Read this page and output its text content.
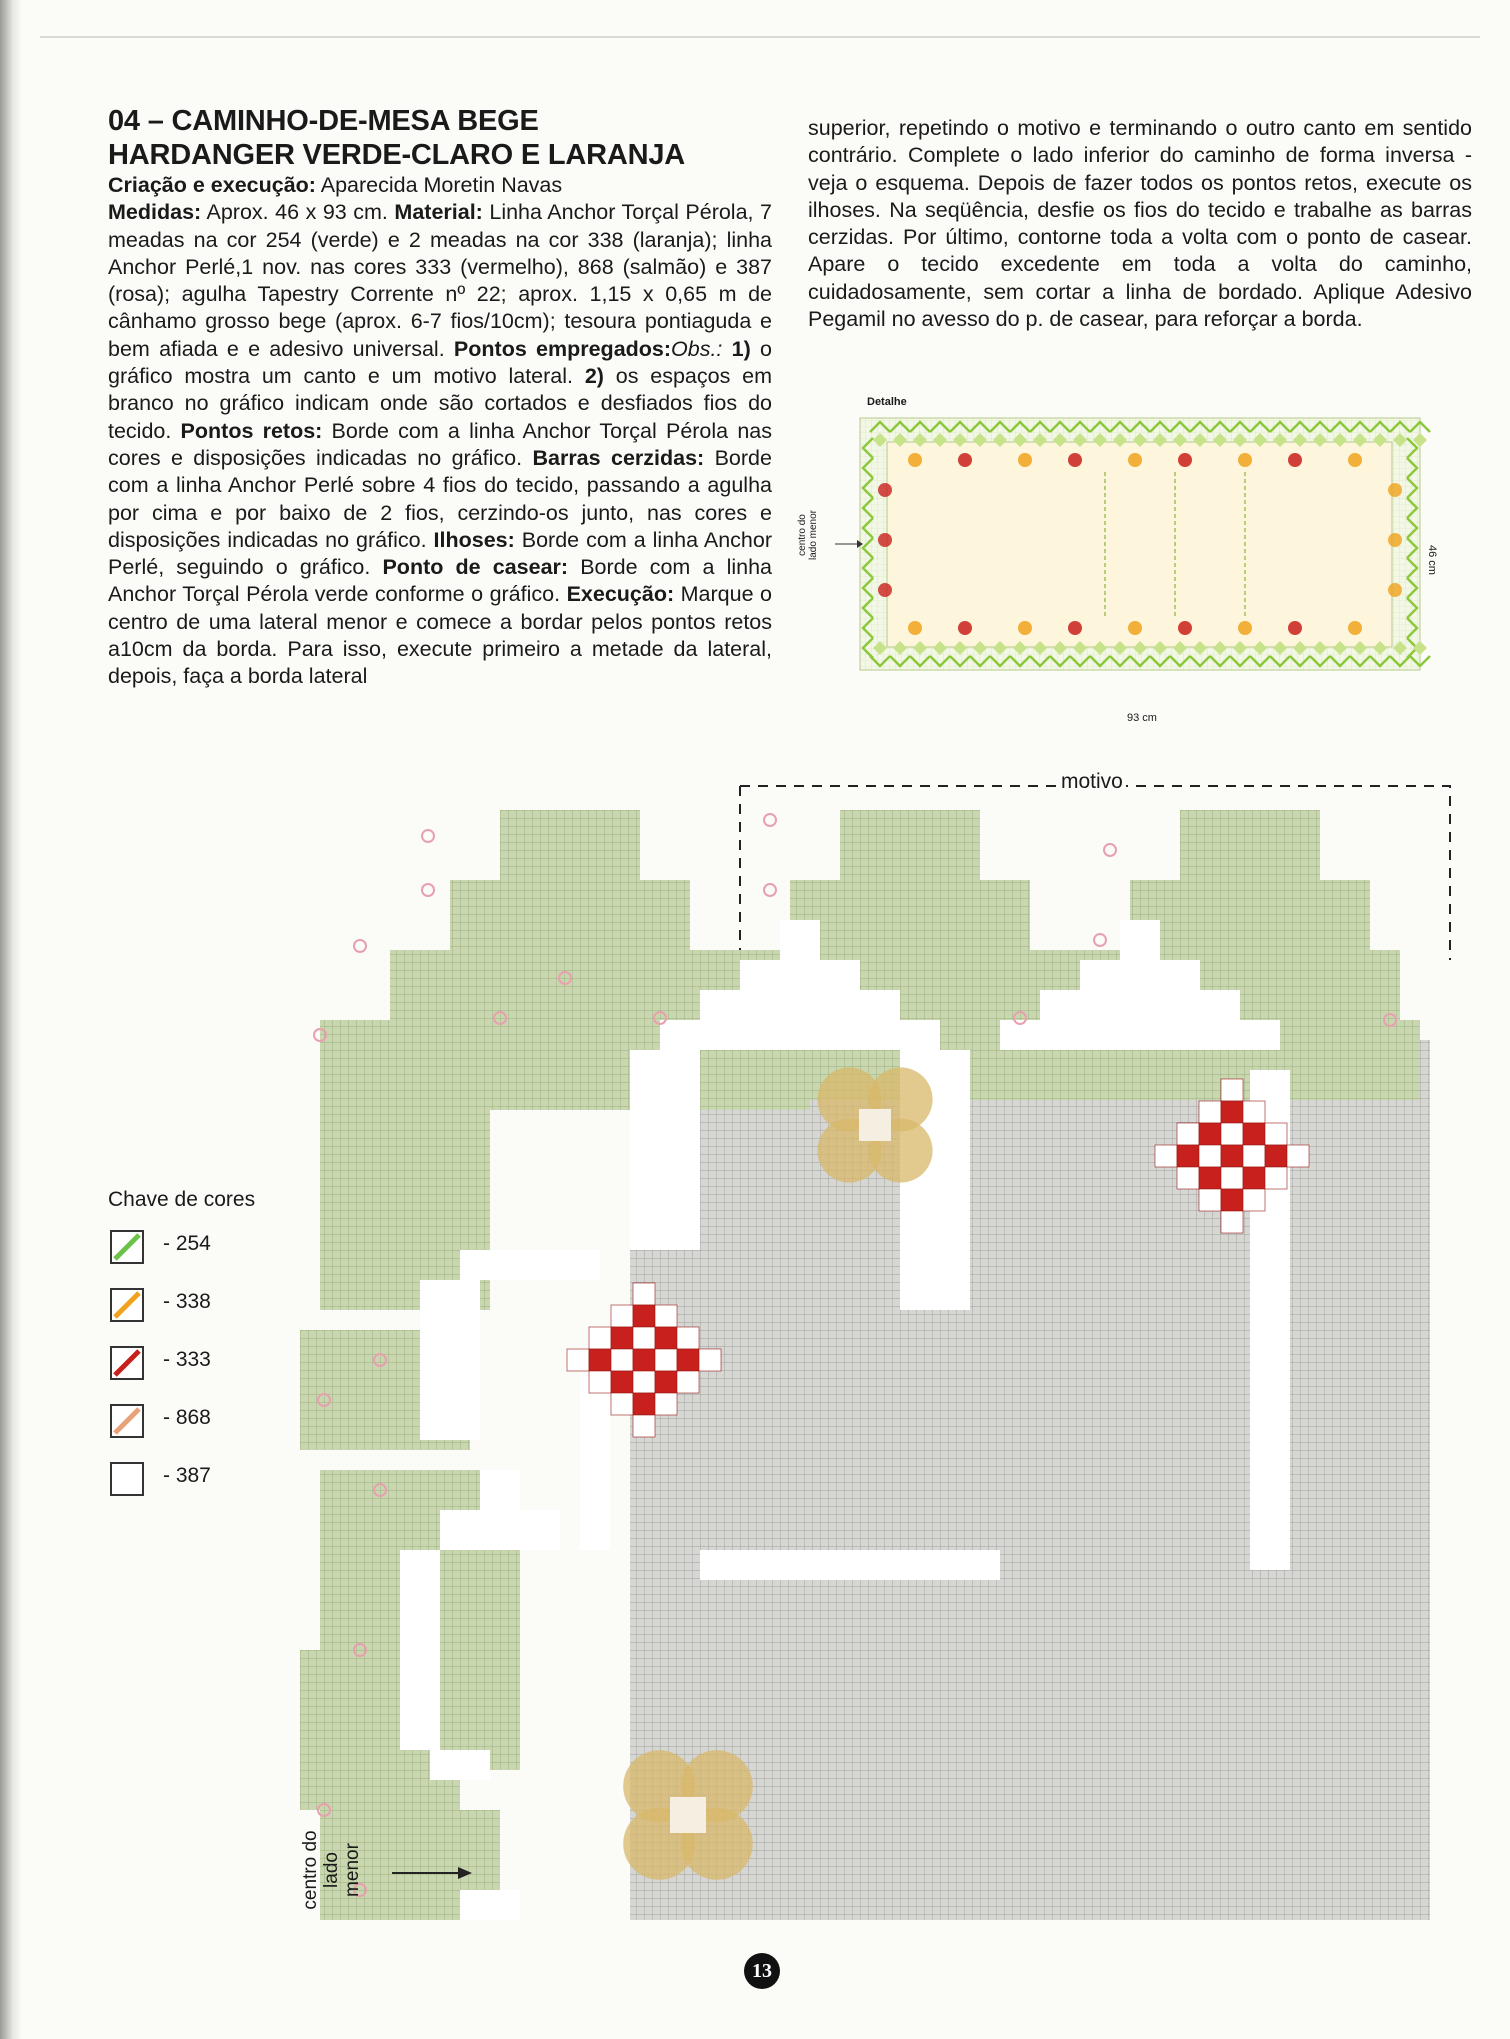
04 – CAMINHO-DE-MESA BEGE
HARDANGER VERDE-CLARO E LARANJA

Criação e execução: Aparecida Moretin Navas

Medidas: Aprox. 46 x 93 cm. Material: Linha Anchor Torçal Pérola, 7 meadas na cor 254 (verde) e 2 meadas na cor 338 (laranja); linha Anchor Perlé,1 nov. nas cores 333 (vermelho), 868 (salmão) e 387 (rosa); agulha Tapestry Corrente nº 22; aprox. 1,15 x 0,65 m de cânhamo grosso bege (aprox. 6-7 fios/10cm); tesoura pontiaguda e bem afiada e e adesivo universal. Pontos empregados:Obs.: 1) o gráfico mostra um canto e um motivo lateral. 2) os espaços em branco no gráfico indicam onde são cortados e desfiados fios do tecido. Pontos retos: Borde com a linha Anchor Torçal Pérola nas cores e disposições indicadas no gráfico. Barras cerzidas: Borde com a linha Anchor Perlé sobre 4 fios do tecido, passando a agulha por cima e por baixo de 2 fios, cerzindo-os junto, nas cores e disposições indicadas no gráfico. Ilhoses: Borde com a linha Anchor Perlé, seguindo o gráfico. Ponto de casear: Borde com a linha Anchor Torçal Pérola verde conforme o gráfico. Execução: Marque o centro de uma lateral menor e comece a bordar pelos pontos retos a10cm da borda. Para isso, execute primeiro a metade da lateral, depois, faça a borda lateral

superior, repetindo o motivo e terminando o outro canto em sentido contrário. Complete o lado inferior do caminho de forma inversa - veja o esquema. Depois de fazer todos os pontos retos, execute os ilhoses. Na seqüência, desfie os fios do tecido e trabalhe as barras cerzidas. Por último, contorne toda a volta com o ponto de casear. Apare o tecido excedente em toda a volta do caminho, cuidadosamente, sem cortar a linha de bordado. Aplique Adesivo Pegamil no avesso do p. de casear, para reforçar a borda.

Detalhe
centro do lado menor
93 cm
46 cm
Chave de cores
- 254
- 338
- 333
- 868
- 387
motivo
centro do lado menor
13
